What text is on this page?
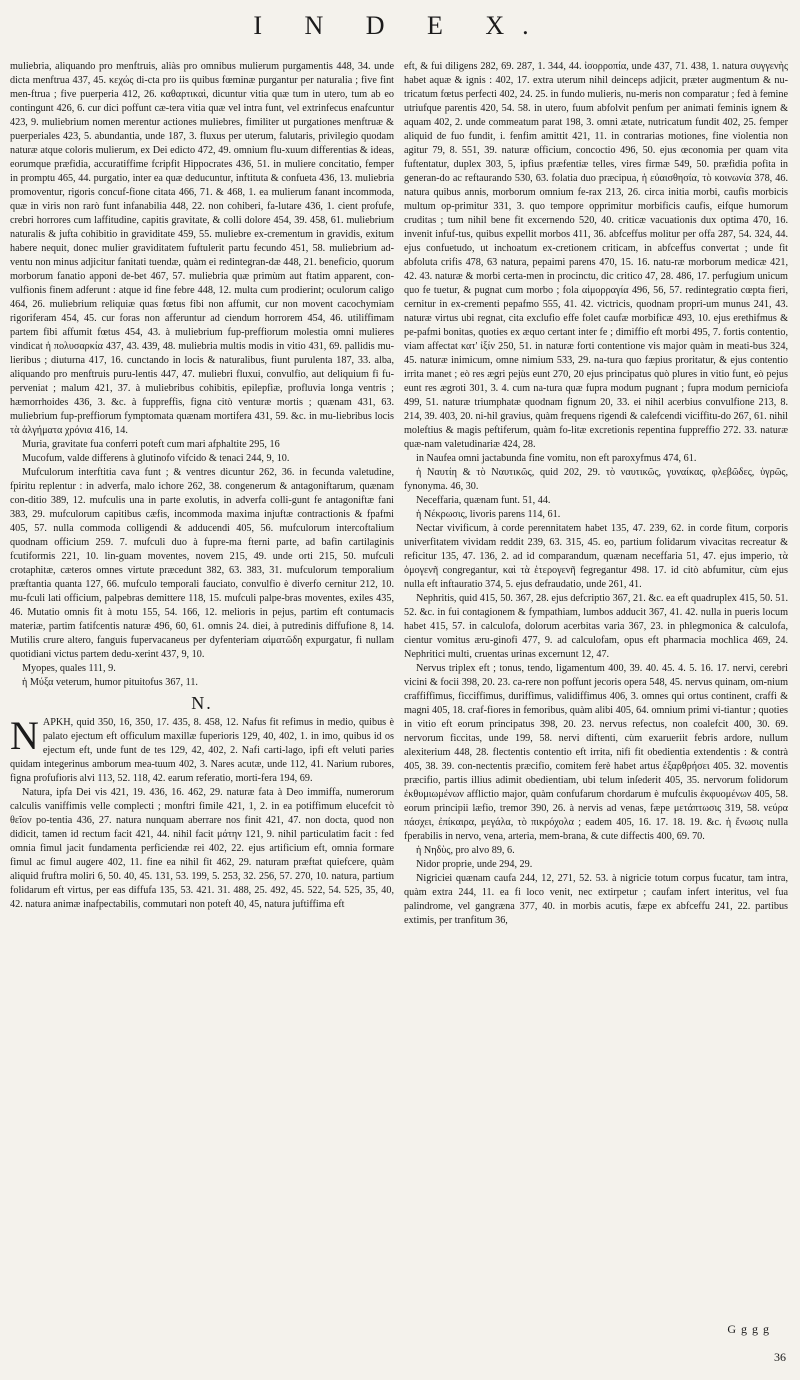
I N D E X.

muliebria, aliquando pro menftruis, aliàs pro omnibus mulierum purgamentis 448, 34. unde dicta menftrua 437, 45. κεχώς di-cta pro iis quibus fœminæ purgantur per naturalia ; five fint men-ftrua ; five puerperia 412, 26. καθαρτικαὶ, dicuntur vitia quæ tum in utero, tum ab eo contingunt 426, 6. cur dici poffunt cæ-tera vitia quæ vel intra funt, vel extrinfecus enafcuntur 423, 9. muliebrium nomen merentur actiones muliebres, fimiliter ut purgationes menftruæ & puerperiales 423, 5. abundantia, unde 187, 3. fluxus per uterum, falutaris, privilegio quodam naturæ atque coloris mulierum, ex Dei edicto 472, 49. omnium flu-xuum differentias & ideas, eorumque præfidia, accuratiffime fcripfit Hippocrates 436, 51. in muliere concitatio, femper in promptu 465, 44. purgatio, inter ea quæ deducuntur, inftituta & confueta 436, 13. muliebria promoventur, rigoris concuf-fione citata 466, 71. & 468, 1. ea mulierum fanant incommoda, quæ in viris non rarò funt infanabilia 448, 22. non cohiberi, fa-lutare 436, 1. cient profufe, crebri horrores cum laffitudine, capitis gravitate, & colli dolore 454, 39. 458, 61. muliebrium naturalis & jufta cohibitio in graviditate 459, 55. muliebre ex-crementum in gravidis, exitum habere nequit, donec mulier graviditatem fuftulerit partu fecundo 451, 58. muliebrium ad-ventu non minus adjicitur fanitati tuendæ, quàm ei redintegran-dæ 448, 21. beneficio, quorum morborum fanatio apponi de-bet 467, 57. muliebria quæ primùm aut ftatim apparent, con-vulfionis finem adferunt : atque id fine febre 448, 12. multa cum prodierint; oculorum caligo 464, 26. muliebrium reliquiæ quas fœtus fibi non affumit, cur non movent cacochymiam rigoriferam 454, 45. cur foras non afferuntur ad ciendum horrorem 454, 46. utiliffimam partem fibi affumit fœtus 454, 43. à muliebrium fup-preffiorum molestia omni mulieres vindicat ἡ πολυσαρκία 437, 43. 439, 48. muliebria multis modis in vitio 431, 69. pallidis mu-lieribus ; diuturna 417, 16. cunctando in locis & naturalibus, fiunt purulenta 187, 33. alba, aliquando pro menftruis puru-lentis 447, 47. muliebri fluxui, convulfio, aut deliquium fi fu-perveniat ; malum 421, 37. à muliebribus cohibitis, epilepfiæ, profluvia longa ventris ; hæmorrhoides 436, 3. &c. à fuppreffis, figna citò venturæ mortis ; quænam 431, 63. muliebrium fup-preffiorum fymptomata quænam mortifera 431, 59. &c. in mu-liebribus locis τὰ ἀλγήματα χρόνια 416, 14.

Muria, gravitate fua conferri poteft cum mari afphaltite 295, 16

Mucofum, valde differens à glutinofo vifcido & tenaci 244, 9, 10.

Mufculorum interftitia cava funt ; & ventres dicuntur 262, 36. in fecunda valetudine, fpiritu replentur : in adverfa, malo ichore 262, 38. congenerum & antagoniftarum, quænam con-ditio 389, 12. mufculis una in parte exolutis, in adverfa colli-gunt fe antagoniftæ fani 383, 29. mufculorum capitibus cæfis, incommoda maxima injuftæ contractionis & fpafmi 405, 57. nulla commoda colligendi & adducendi 405, 56. mufculorum intercoftalium quodnam officium 259. 7. mufculi duo à fupre-ma fterni parte, ad bafin cartilaginis fcutiformis 221, 10. lin-guam moventes, novem 215, 49. unde orti 215, 50. mufculi crotaphitæ, cæteros omnes virtute præcedunt 382, 63. 383, 31. mufculorum temporalium præftantia quanta 127, 66. mufculo temporali fauciato, convulfio è diverfo cernitur 212, 10. mu-fculi lati officium, palpebras demittere 118, 15. mufculi palpe-bras moventes, exiles 435, 46. Mutatio omnis fit à motu 155, 54. 166, 12. melioris in pejus, partim eft contumacis materiæ, partim fatifcentis naturæ 496, 60, 61. omnis 24. diei, à putredinis diffufione 8, 14. Mutilis crure altero, fanguis fupervacaneus per dyfenteriam αἱματῶδη expurgatur, fi nullam quotidiani victus partem dedu-xerint 437, 9, 10.

Myopes, quales 111, 9.

ἡ Μύξα veterum, humor pituitofus 367, 11.

N.

NAPKH, quid 350, 16, 350, 17. 435, 8. 458, 12. Nafus fit refimus in medio, quibus è palato ejectum eft officulum maxillæ fuperioris 129, 40, 402, 1. in imo, quibus id os ejectum eft, unde funt de tes 129, 42, 402, 2. Nafi carti-lago, ipfi eft veluti paries quidam integerinus amborum mea-tuum 402, 3. Nares acutæ, unde 112, 41. Narium rubores, figna profufioris alvi 113, 52. 118, 42. earum referatio, morti-fera 194, 69.

Natura, ipfa Dei vis 421, 19. 436, 16. 462, 29. naturæ fata à Deo immiffa, numerorum calculis vaniffimis velle complecti ; monftri fimile 421, 1, 2. in ea potiffimum elucefcit τὸ θεῖον po-tentia 436, 27. natura nunquam aberrare nos finit 421, 47. non docta, quod non didicit, tamen id rectum facit 421, 44. nihil facit μάτην 121, 9. nihil particulatim facit : fed omnia fimul jacit fundamenta perficiendæ rei 402, 22. ejus artificium eft, omnia formare fimul ac fimul augere 402, 11. fine ea nihil fit 462, 29. naturam præftat quiefcere, quàm aliquid fruftra moliri 6, 50. 40, 45. 131, 53. 199, 5. 253, 32. 256, 57. 270, 10. natura, partium folidarum eft virtus, per eas diffufa 135, 53. 421. 31. 488, 25. 492, 45. 522, 54. 525, 35, 40, 42. natura animæ inafpectabilis, commutari non poteft 40, 45, natura juftiffima eft

eft, & fui diligens 282, 69. 287, 1. 344, 44. ἰσορροπία, unde 437, 71. 438, 1. natura συγγενὴς habet aquæ & ignis : 402, 17. extra uterum nihil deinceps adjicit, præter augmentum & nu-tricatum fœtus perfecti 402, 24. 25. in fundo mulieris, nu-meris non comparatur ; fed à femine utriufque parentis 420, 54. 58. in utero, fuum abfolvit penfum per animati feminis ignem & aquam 402, 2. unde commeatum parat 198, 3. omni ætate, nutricatum fundit 402, 25. femper aliquid de fuo fundit, i. fenfim amittit 421, 11. in contrarias motiones, fine violentia non agitur 79, 8. 551, 39. naturæ officium, concoctio 496, 50. ejus œconomia per quam vita fuftentatur, duplex 303, 5, ipfius præfentiæ telles, vires firmæ 549, 50. præfidia pofita in generan-do ac reftaurando 530, 63. folatia duo præcipua, ἡ εὐαισθησία, τὸ κοινωνία 378, 46. natura quibus annis, morborum omnium fe-rax 213, 26. circa initia morbi, caufis morbicis multum op-primitur 331, 3. quo tempore opprimitur morbificis caufis, eifque humorum cruditas ; tum nihil bene fit excernendo 520, 40. criticæ vacuationis dux optima 470, 16. invenit infuf-tus, quibus expellit morbos 411, 36. abfceffus molitur per offa 287, 54. 324, 44. ejus confuetudo, ut inchoatum ex-cretionem criticam, in abfceffus convertat ; unde fit abfoluta crifis 478, 63 natura, pepaimi parens 470, 15. 16. natu-ræ morborum medicæ 421, 42. 43. naturæ & morbi certa-men in procinctu, dic critico 47, 28. 486, 17. perfugium unicum quo fe tuetur, & pugnat cum morbo ; fola αἱμορραγία 496, 56, 57. redintegratio cœpta fieri, cernitur in ex-crementi pepafmo 555, 41. 42. victricis, quodnam propri-um munus 241, 43. naturæ virtus ubi regnat, cita exclufio effe folet caufæ morbificæ 493, 10. ejus erethifmus & pe-pafmi bonitas, quoties ex æquo certant inter fe ; dimiffio eft morbi 495, 7. fortis contentio, viam affectat κατ' ἰξίν 250, 51. in naturæ forti contentione vis major quàm in meati-bus 324, 45. naturæ inimicum, omne nimium 533, 29. na-tura quo fæpius proritatur, & ejus contentio irrita manet ; eò res ægri pejùs eunt 270, 20 ejus principatus quò plures in vitio funt, eò pejus eunt res ægroti 301, 3. 4. cum na-tura quæ fupra modum pugnant ; fupra modum perniciofa 499, 51. naturæ triumphatæ quodnam fignum 20, 33. ei nihil acerbius convulfione 213, 8. 214, 39. 403, 20. ni-hil gravius, quàm frequens rigendi & calefcendi viciffitu-do 267, 61. nihil moleftius & magis peftiferum, quàm fo-litæ excretionis repentina fuppreffio 272. 33. naturæ quæ-nam valetudinariæ 424, 28.

in Naufea omni jactabunda fine vomitu, non eft paroxyfmus 474, 61.

ἡ Ναυτίη & τὸ Ναυτικῶς, quid 202, 29. τὸ ναυτικῶς, γυναίκας, φλεβῶδες, ὑγρῶς, fynonyma. 46, 30.

Neceffaria, quænam funt. 51, 44.

ἡ Νέκρωσις, livoris parens 114, 61.

Nectar vivificum, à corde perennitatem habet 135, 47. 239, 62. in corde fitum, corporis univerfitatem vividam reddit 239, 63. 315, 45. eo, partium folidarum vivacitas recreatur & reficitur 135, 47. 136, 2. ad id comparandum, quænam neceffaria 51, 47. ejus imperio, τὰ ὁμογενῆ congregantur, καὶ τὰ ἑτερογενῆ fegregantur 498. 17. id citò abfumitur, cùm ejus nulla eft inftauratio 374, 5. ejus defraudatio, unde 261, 41.

Nephritis, quid 415, 50. 367, 28. ejus defcriptio 367, 21. &c. ea eft quadruplex 415, 50. 51. 52. &c. in fui contagionem & fympathiam, lumbos adducit 367, 41. 42. nulla in pueris locum habet 415, 57. in calculofa, dolorum acerbitas varia 367, 23. in phlegmonica & calculofa, cientur vomitus æru-ginofi 477, 9. ad calculofam, opus eft pharmacia mochlica 469, 24. Nephritici multi, cruentas urinas excernunt 12, 47.

Nervus triplex eft ; tonus, tendo, ligamentum 400, 39. 40. 45. 4. 5. 16. 17. nervi, cerebri vicini & focii 398, 20. 23. ca-rere non poffunt jecoris opera 548, 45. nervus quinam, om-nium craffiffimus, ficciffimus, duriffimus, validiffimus 406, 3. omnes qui ortus continent, craffi & magni 405, 18. craf-fiores in femoribus, quàm alibi 405, 64. omnium primi vi-tiantur ; quoties in vitio eft eorum principatus 398, 20. 23. nervus refectus, non coalefcit 400, 30. 69. nervorum ficcitas, unde 199, 58. nervi diftenti, cùm exarueriit febris ardore, nullum alexiterium 448, 28. flectentis contentio eft irrita, nifi fit obedientia extendentis : & contrà 405, 38. 39. con-nectentis præcifio, comitem ferè habet artus ἐξαρθρήσει 405. 32. moventis præcifio, partis illius adimit obedientiam, ubi telum inſederit 405, 35. nervorum folidorum ἐκθυμιωμένων afflictio major, quàm confufarum chordarum è mufculis ἐκφυομένων 405, 58. eorum principii læfio, tremor 390, 26. à nervis ad venas, fæpe μετάπτωσις 319, 58. νεύρα πάσχει, ἐπίκαιρα, μεγάλα, τὸ πικρόχολα ; eadem 405, 16. 17. 18. 19. &c. ἡ ἔνωσις nulla fperabilis in nervo, vena, arteria, mem-brana, & cute diffectis 400, 69. 70.

ἡ Νηδὺς, pro alvo 89, 6.

Nidor proprie, unde 294, 29.

Nigriciei quænam caufa 244, 12, 271, 52. 53. à nigricie totum corpus fucatur, tam intra, quàm extra 244, 11. ea fi loco venit, nec extirpetur ; caufam infert interitus, vel fua palindrome, vel gangræna 377, 40. in morbis acutis, fæpe ex abfceffu 241, 22. partibus extimis, per tranfitum 36,

G g g g
36
